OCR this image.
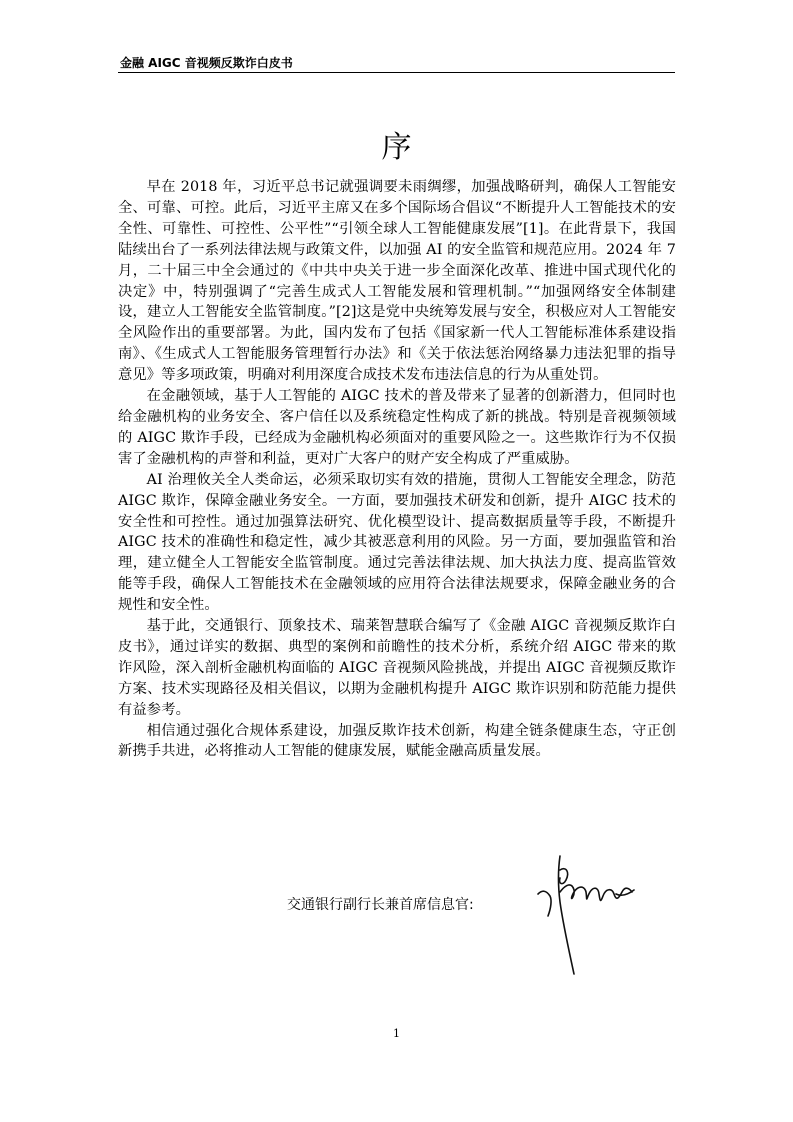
金融 AIGC 音视频反欺诈白皮书
序

早在 2018 年，习近平总书记就强调要未雨绸缪，加强战略研判，确保人工智能安全、可靠、可控。此后，习近平主席又在多个国际场合倡议“不断提升人工智能技术的安全性、可靠性、可控性、公平性”“引领全球人工智能健康发展”[1]。在此背景下，我国陆续出台了一系列法律法规与政策文件，以加强 AI 的安全监管和规范应用。2024 年 7 月，二十届三中全会通过的《中共中央关于进一步全面深化改革、推进中国式现代化的决定》中，特别强调了“完善生成式人工智能发展和管理机制。”“加强网络安全体制建设，建立人工智能安全监管制度。”[2]这是党中央统筹发展与安全，积极应对人工智能安全风险作出的重要部署。为此，国内发布了包括《国家新一代人工智能标准体系建设指南》、《生成式人工智能服务管理暂行办法》和《关于依法惩治网络暴力违法犯罪的指导意见》等多项政策，明确对利用深度合成技术发布违法信息的行为从重处罚。

在金融领域，基于人工智能的 AIGC 技术的普及带来了显著的创新潜力，但同时也给金融机构的业务安全、客户信任以及系统稳定性构成了新的挑战。特别是音视频领域的 AIGC 欺诈手段，已经成为金融机构必须面对的重要风险之一。这些欺诈行为不仅损害了金融机构的声誉和利益，更对广大客户的财产安全构成了严重威胁。

AI 治理攸关全人类命运，必须采取切实有效的措施，贯彻人工智能安全理念，防范 AIGC 欺诈，保障金融业务安全。一方面，要加强技术研发和创新，提升 AIGC 技术的安全性和可控性。通过加强算法研究、优化模型设计、提高数据质量等手段，不断提升 AIGC 技术的准确性和稳定性，减少其被恶意利用的风险。另一方面，要加强监管和治理，建立健全人工智能安全监管制度。通过完善法律法规、加大执法力度、提高监管效能等手段，确保人工智能技术在金融领域的应用符合法律法规要求，保障金融业务的合规性和安全性。

基于此，交通银行、顶象技术、瑞莱智慧联合编写了《金融 AIGC 音视频反欺诈白皮书》，通过详实的数据、典型的案例和前瞻性的技术分析，系统介绍 AIGC 带来的欺诈风险，深入剖析金融机构面临的 AIGC 音视频风险挑战，并提出 AIGC 音视频反欺诈方案、技术实现路径及相关倡议，以期为金融机构提升 AIGC 欺诈识别和防范能力提供有益参考。

相信通过强化合规体系建设，加强反欺诈技术创新，构建全链条健康生态，守正创新携手共进，必将推动人工智能的健康发展，赋能金融高质量发展。

交通银行副行长兼首席信息官:
1
